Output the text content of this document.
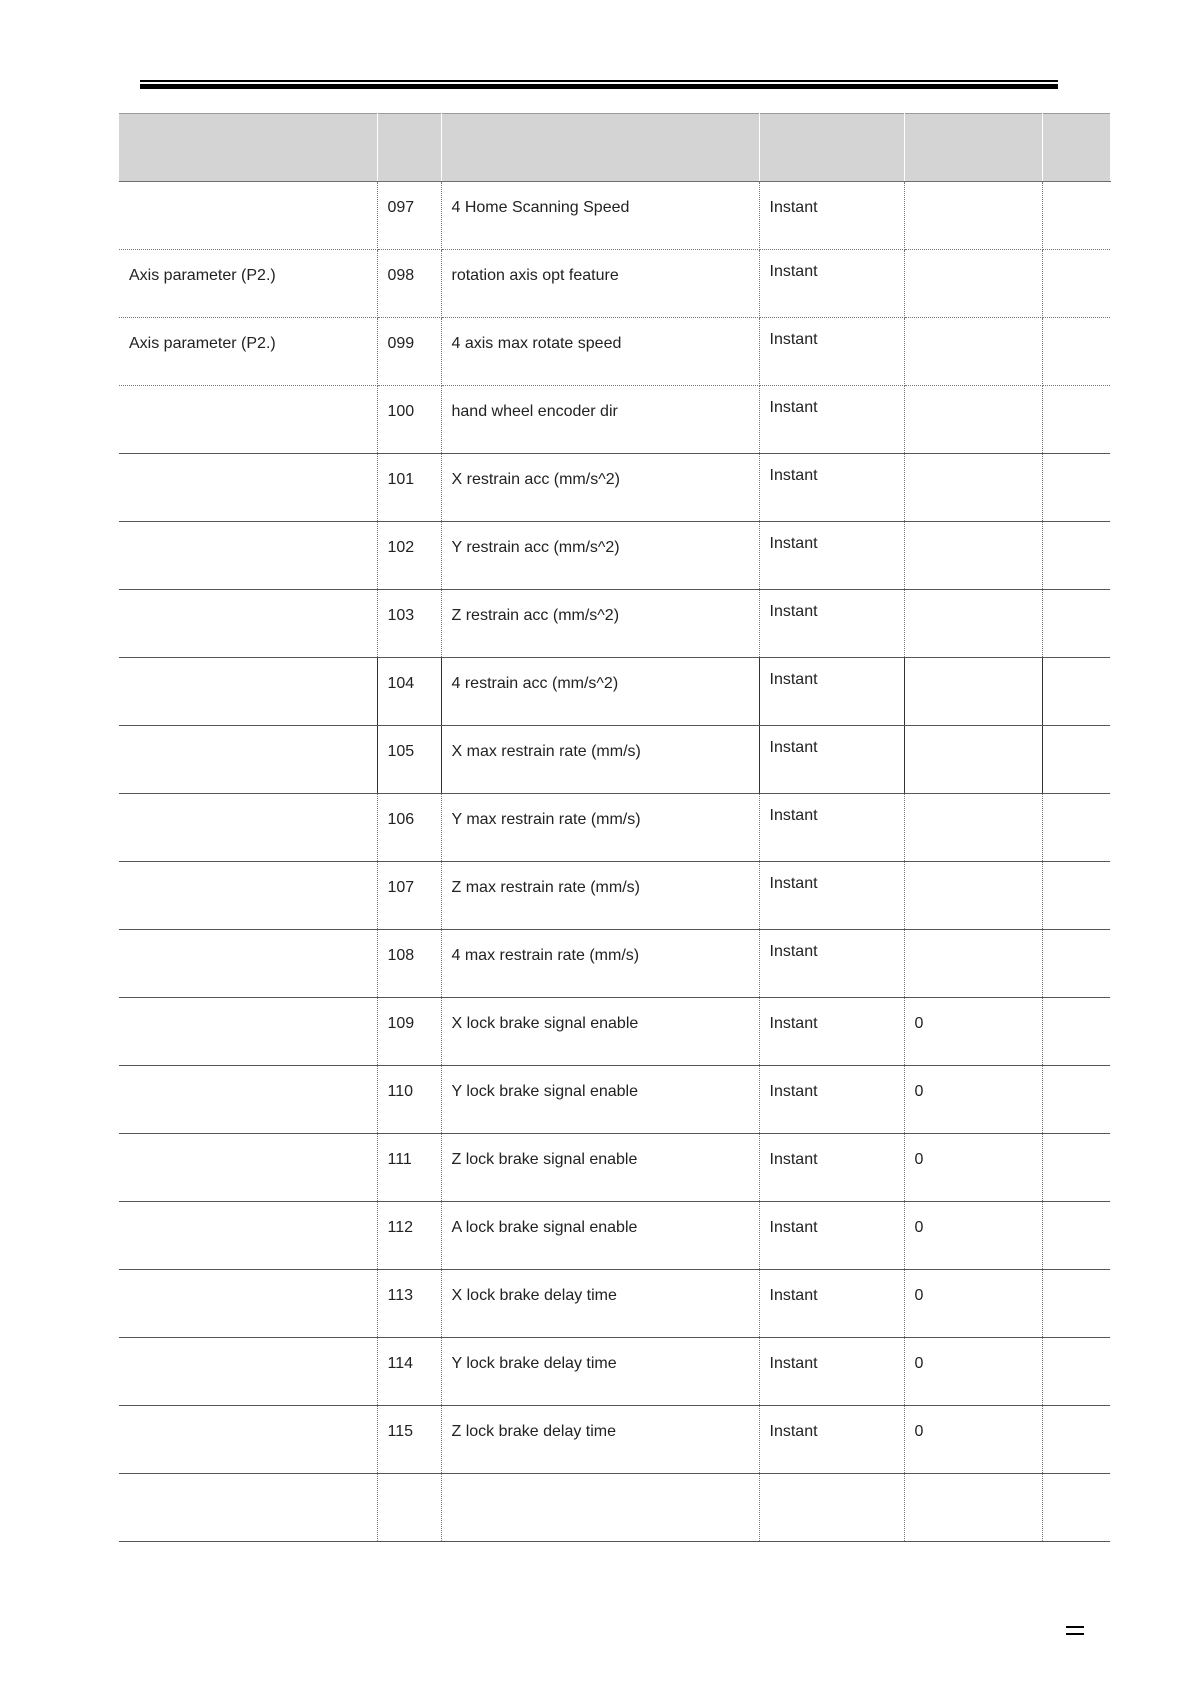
	097	4 Home Scanning Speed	Instant		

Axis parameter (P2.)	098	rotation axis opt feature	Instant		

Axis parameter (P2.)	099	4 axis max rotate speed	Instant		

	100	hand wheel encoder dir	Instant		

	101	X restrain acc (mm/s^2)	Instant		

	102	Y restrain acc (mm/s^2)	Instant		

	103	Z restrain acc (mm/s^2)	Instant		

	104	4 restrain acc (mm/s^2)	Instant		

	105	X max restrain rate (mm/s)	Instant		

	106	Y max restrain rate (mm/s)	Instant		

	107	Z max restrain rate (mm/s)	Instant		

	108	4 max restrain rate (mm/s)	Instant		

	109	X lock brake signal enable	Instant	0	

	110	Y lock brake signal enable	Instant	0	

	111	Z lock brake signal enable	Instant	0	

	112	A lock brake signal enable	Instant	0	

	113	X lock brake delay time	Instant	0	

	114	Y lock brake delay time	Instant	0	

	115	Z lock brake delay time	Instant	0	
